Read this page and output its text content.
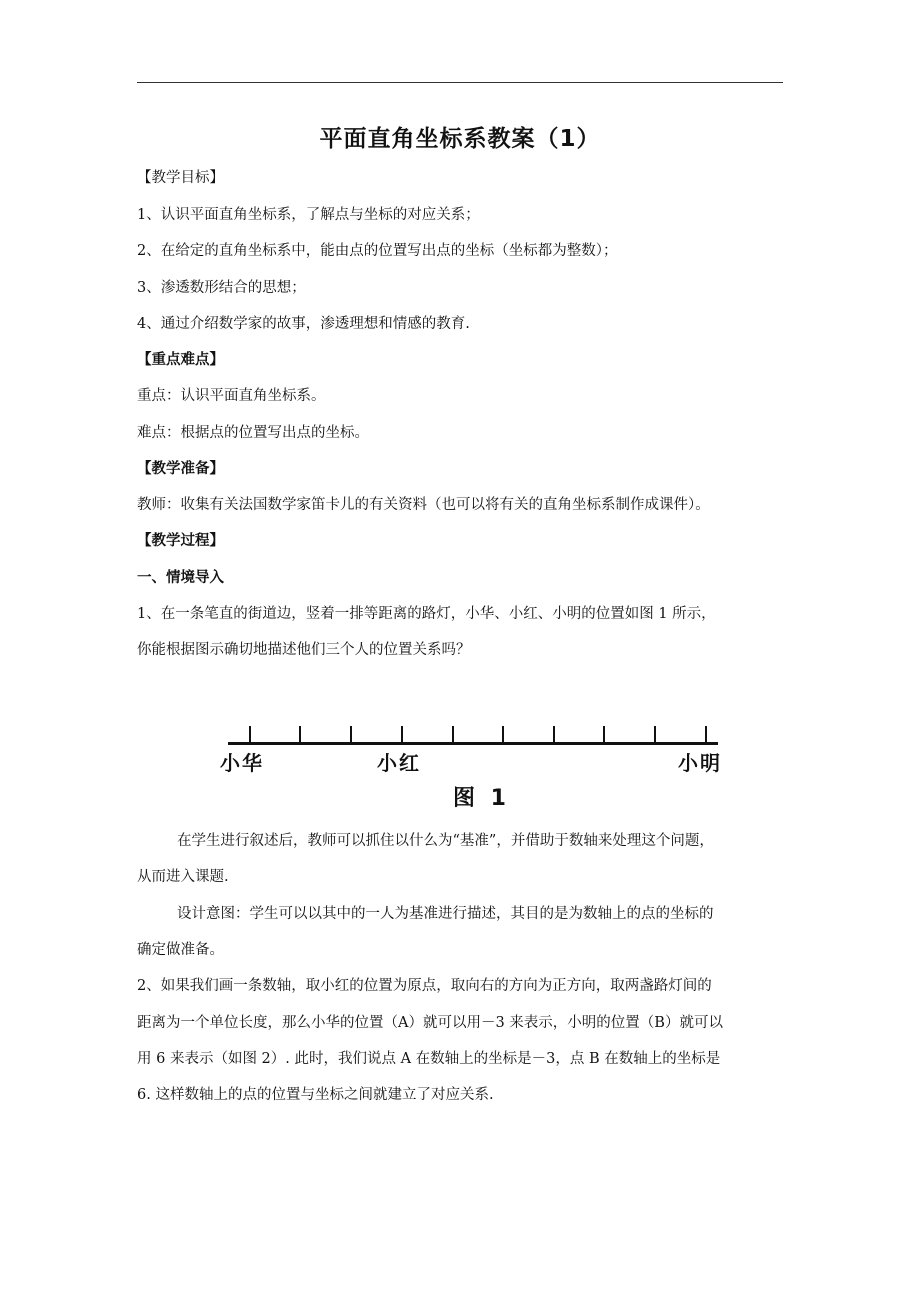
平面直角坐标系教案（1）
【教学目标】
1、认识平面直角坐标系，了解点与坐标的对应关系；
2、在给定的直角坐标系中，能由点的位置写出点的坐标（坐标都为整数）；
3、渗透数形结合的思想；
4、通过介绍数学家的故事，渗透理想和情感的教育.
【重点难点】
重点：认识平面直角坐标系。
难点：根据点的位置写出点的坐标。
【教学准备】
教师：收集有关法国数学家笛卡儿的有关资料（也可以将有关的直角坐标系制作成课件）。
【教学过程】
一、情境导入
1、在一条笔直的街道边，竖着一排等距离的路灯，小华、小红、小明的位置如图 1 所示，
你能根据图示确切地描述他们三个人的位置关系吗？
小华	小红	小明
图 1
在学生进行叙述后，教师可以抓住以什么为“基准”，并借助于数轴来处理这个问题，
从而进入课题.
设计意图：学生可以以其中的一人为基准进行描述，其目的是为数轴上的点的坐标的
确定做准备。
2、如果我们画一条数轴，取小红的位置为原点，取向右的方向为正方向，取两盏路灯间的
距离为一个单位长度，那么小华的位置（A）就可以用－3 来表示，小明的位置（B）就可以
用 6 来表示（如图 2）. 此时，我们说点 A 在数轴上的坐标是－3，点 B 在数轴上的坐标是
6. 这样数轴上的点的位置与坐标之间就建立了对应关系.
